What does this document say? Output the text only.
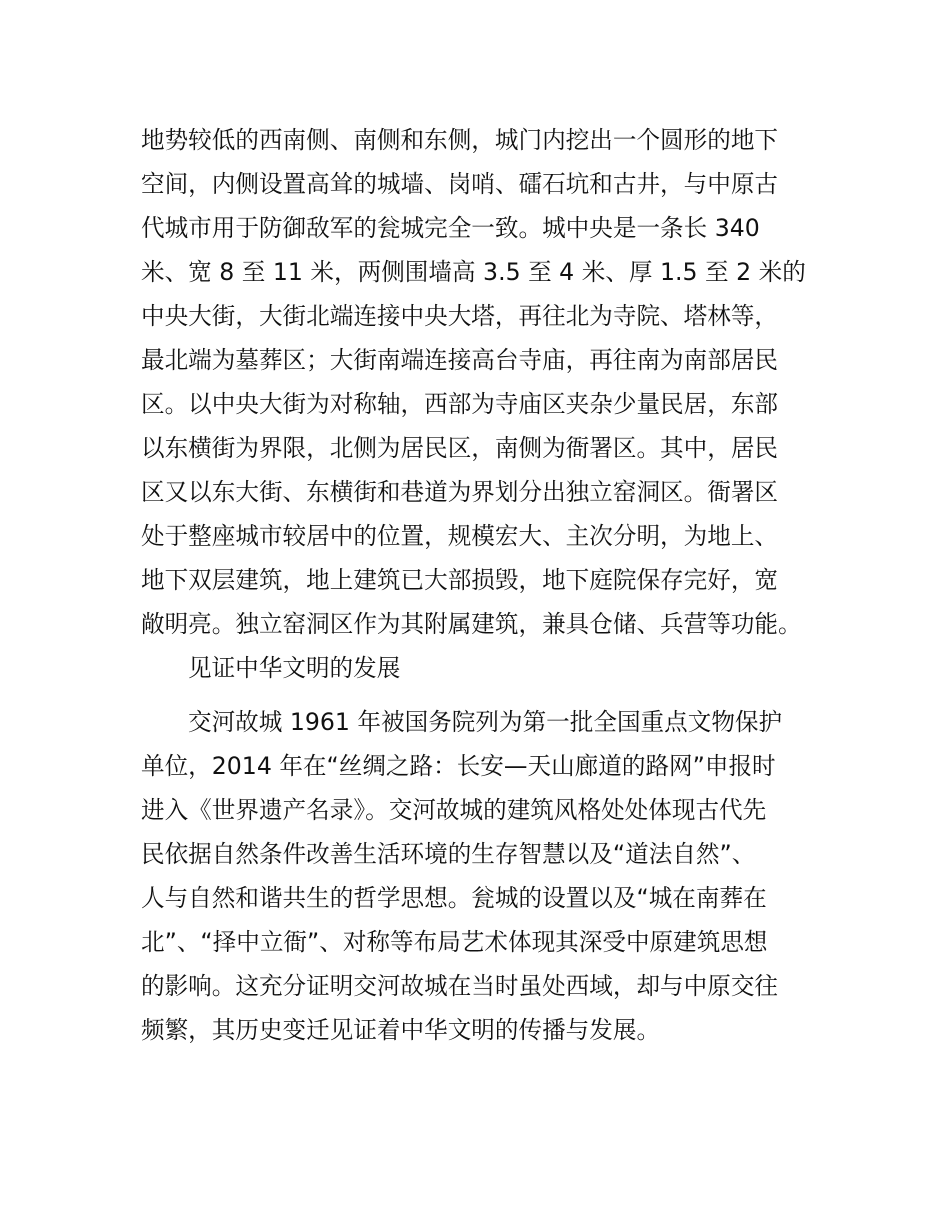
地势较低的西南侧、南侧和东侧，城门内挖出一个圆形的地下
空间，内侧设置高耸的城墙、岗哨、礌石坑和古井，与中原古
代城市用于防御敌军的瓮城完全一致。城中央是一条长 340
米、宽 8 至 11 米，两侧围墙高 3.5 至 4 米、厚 1.5 至 2 米的
中央大街，大街北端连接中央大塔，再往北为寺院、塔林等，
最北端为墓葬区；大街南端连接高台寺庙，再往南为南部居民
区。以中央大街为对称轴，西部为寺庙区夹杂少量民居，东部
以东横街为界限，北侧为居民区，南侧为衙署区。其中，居民
区又以东大街、东横街和巷道为界划分出独立窑洞区。衙署区
处于整座城市较居中的位置，规模宏大、主次分明，为地上、
地下双层建筑，地上建筑已大部损毁，地下庭院保存完好，宽
敞明亮。独立窑洞区作为其附属建筑，兼具仓储、兵营等功能。
见证中华文明的发展
交河故城 1961 年被国务院列为第一批全国重点文物保护
单位，2014 年在“丝绸之路：长安—天山廊道的路网”申报时
进入《世界遗产名录》。交河故城的建筑风格处处体现古代先
民依据自然条件改善生活环境的生存智慧以及“道法自然”、
人与自然和谐共生的哲学思想。瓮城的设置以及“城在南葬在
北”、“择中立衙”、对称等布局艺术体现其深受中原建筑思想
的影响。这充分证明交河故城在当时虽处西域，却与中原交往
频繁，其历史变迁见证着中华文明的传播与发展。
